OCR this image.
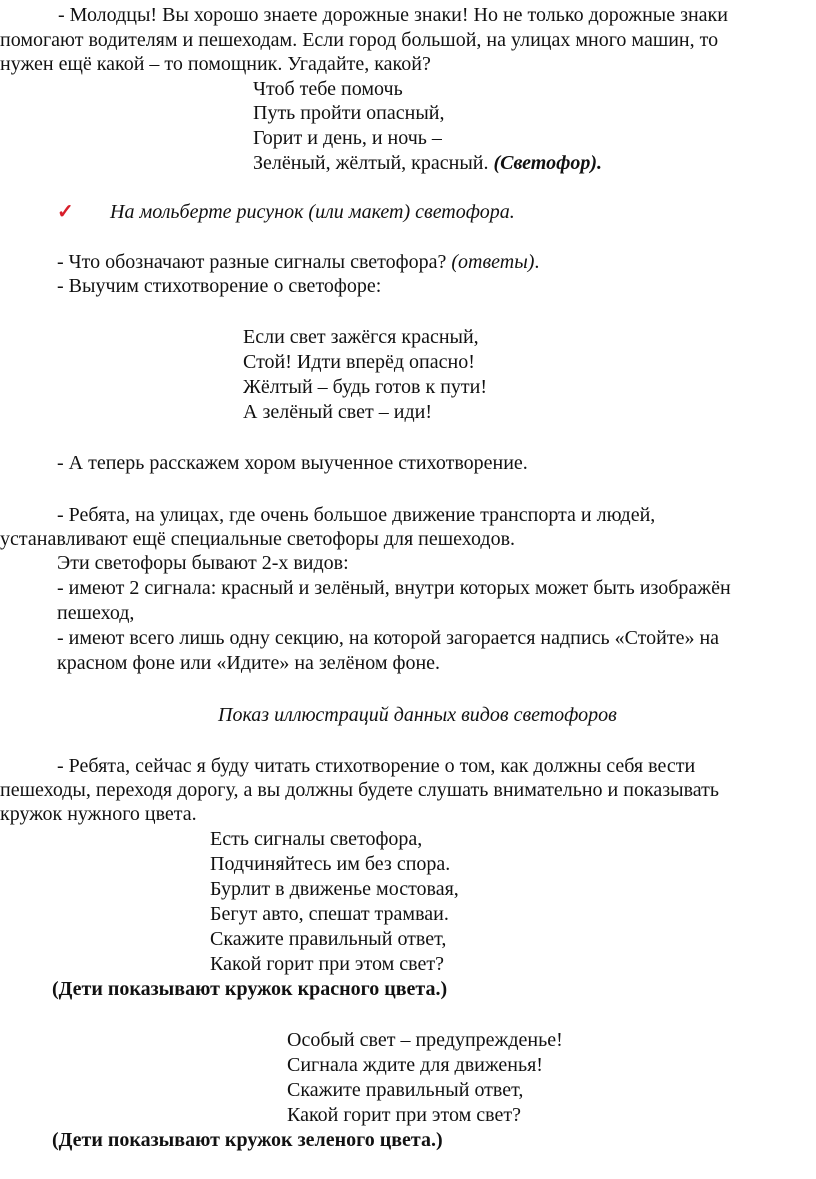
- Молодцы! Вы хорошо знаете дорожные знаки! Но не только дорожные знаки
помогают водителям и пешеходам. Если город большой, на улицах много машин, то
нужен ещё какой – то помощник. Угадайте, какой?
Чтоб тебе помочь
Путь пройти опасный,
Горит и день, и ночь –
Зелёный, жёлтый, красный. (Светофор).
✓ На мольберте рисунок (или макет) светофора.
- Что обозначают разные сигналы светофора? (ответы).
- Выучим стихотворение о светофоре:
Если свет зажёгся красный,
Стой! Идти вперёд опасно!
Жёлтый – будь готов к пути!
А зелёный свет – иди!
- А теперь расскажем хором выученное стихотворение.
- Ребята, на улицах, где очень большое движение транспорта и людей,
устанавливают ещё специальные светофоры для пешеходов.
Эти светофоры бывают 2-х видов:
- имеют 2 сигнала: красный и зелёный, внутри которых может быть изображён
пешеход,
- имеют всего лишь одну секцию, на которой загорается надпись «Стойте» на
красном фоне или «Идите» на зелёном фоне.
Показ иллюстраций данных видов светофоров
- Ребята, сейчас я буду читать стихотворение о том, как должны себя вести
пешеходы, переходя дорогу, а вы должны будете слушать внимательно и показывать
кружок нужного цвета.
Есть сигналы светофора,
Подчиняйтесь им без спора.
Бурлит в движенье мостовая,
Бегут авто, спешат трамваи.
Скажите правильный ответ,
Какой горит при этом свет?
(Дети показывают кружок красного цвета.)
Особый свет – предупрежденье!
Сигнала ждите для движенья!
Скажите правильный ответ,
Какой горит при этом свет?
(Дети показывают кружок зеленого цвета.)
